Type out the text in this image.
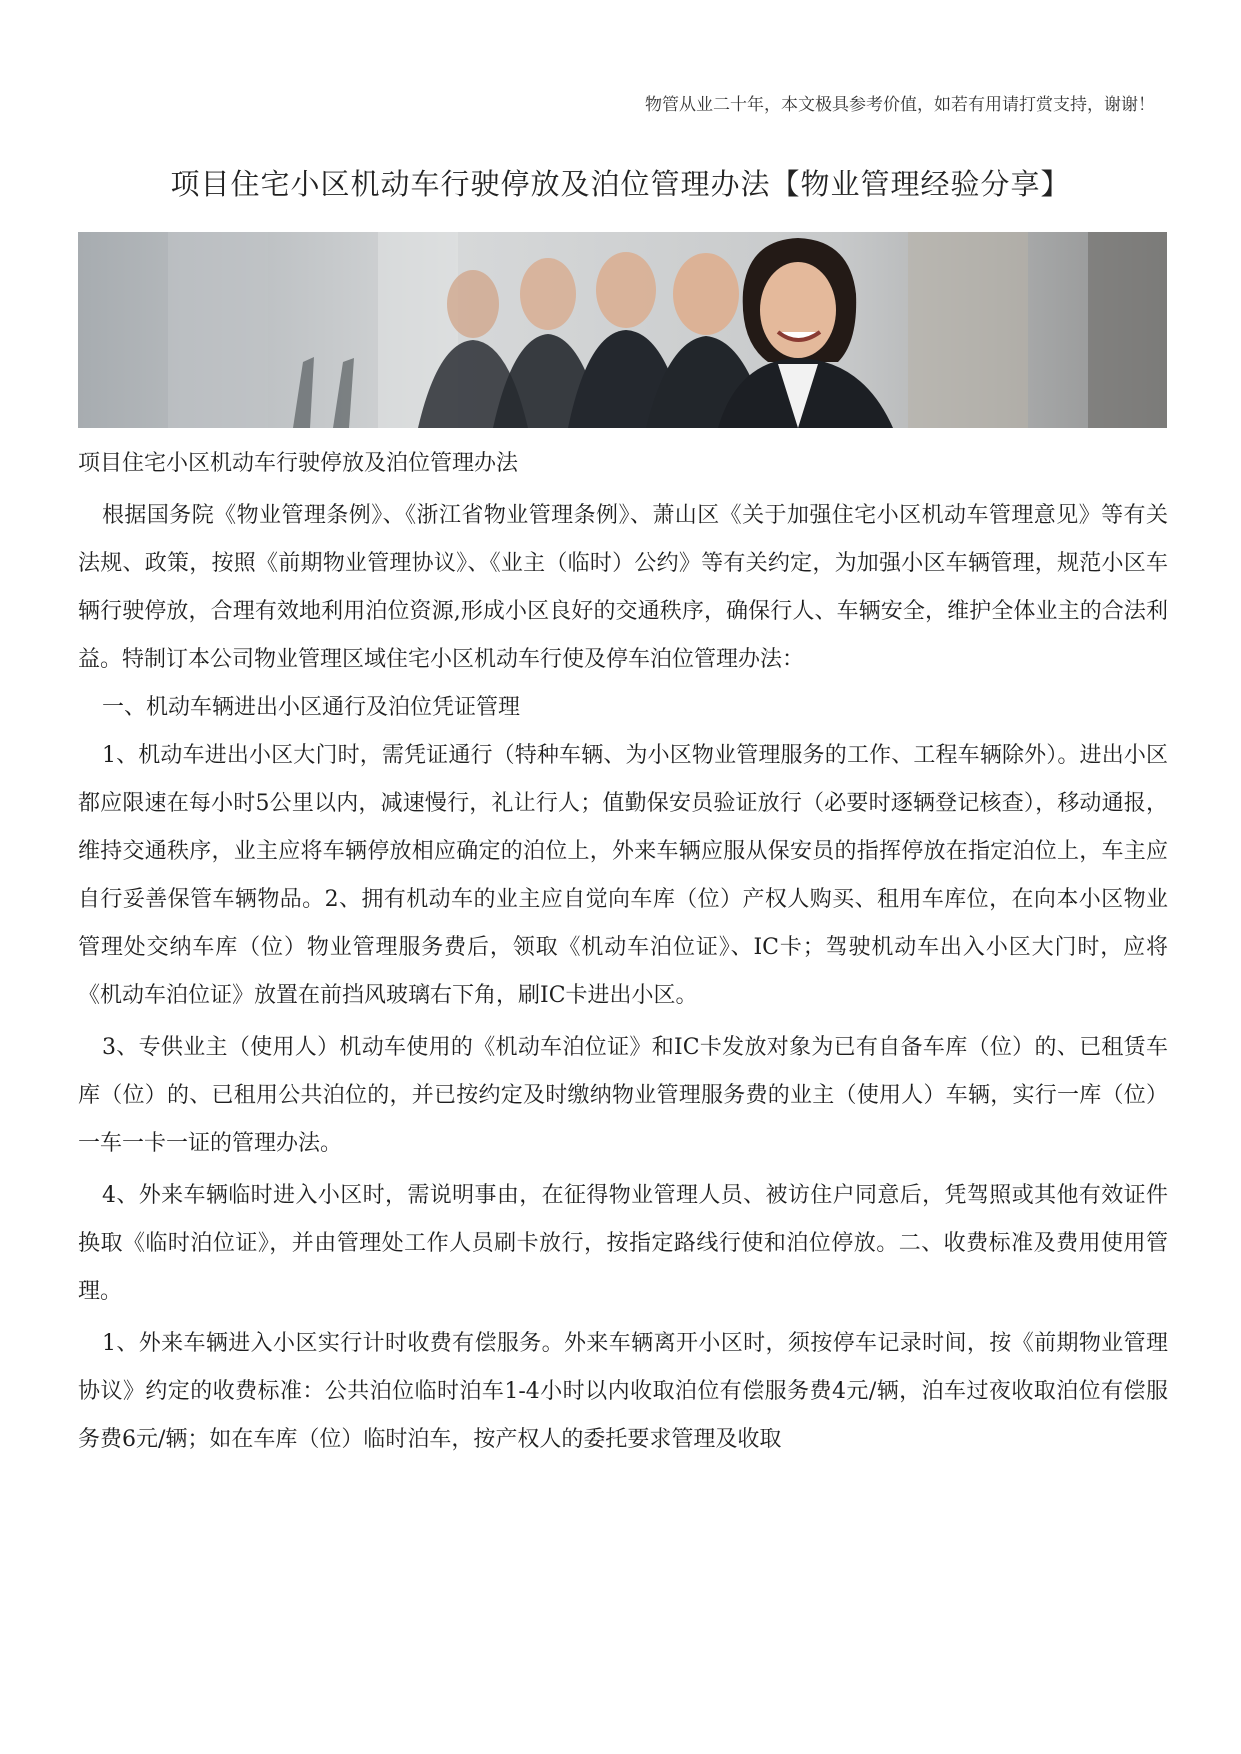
物管从业二十年，本文极具参考价值，如若有用请打赏支持，谢谢！
项目住宅小区机动车行驶停放及泊位管理办法【物业管理经验分享】

项目住宅小区机动车行驶停放及泊位管理办法

根据国务院《物业管理条例》、《浙江省物业管理条例》、萧山区《关于加强住宅小区机动车管理意见》等有关法规、政策，按照《前期物业管理协议》、《业主（临时）公约》等有关约定，为加强小区车辆管理，规范小区车辆行驶停放，合理有效地利用泊位资源,形成小区良好的交通秩序，确保行人、车辆安全，维护全体业主的合法利益。特制订本公司物业管理区域住宅小区机动车行使及停车泊位管理办法：

一、机动车辆进出小区通行及泊位凭证管理

1、机动车进出小区大门时，需凭证通行（特种车辆、为小区物业管理服务的工作、工程车辆除外）。进出小区都应限速在每小时5公里以内，减速慢行，礼让行人；值勤保安员验证放行（必要时逐辆登记核查），移动通报，维持交通秩序，业主应将车辆停放相应确定的泊位上，外来车辆应服从保安员的指挥停放在指定泊位上，车主应自行妥善保管车辆物品。2、拥有机动车的业主应自觉向车库（位）产权人购买、租用车库位，在向本小区物业管理处交纳车库（位）物业管理服务费后，领取《机动车泊位证》、IC卡；驾驶机动车出入小区大门时，应将《机动车泊位证》放置在前挡风玻璃右下角，刷IC卡进出小区。

3、专供业主（使用人）机动车使用的《机动车泊位证》和IC卡发放对象为已有自备车库（位）的、已租赁车库（位）的、已租用公共泊位的，并已按约定及时缴纳物业管理服务费的业主（使用人）车辆，实行一库（位）一车一卡一证的管理办法。

4、外来车辆临时进入小区时，需说明事由，在征得物业管理人员、被访住户同意后，凭驾照或其他有效证件换取《临时泊位证》，并由管理处工作人员刷卡放行，按指定路线行使和泊位停放。二、收费标准及费用使用管理。

1、外来车辆进入小区实行计时收费有偿服务。外来车辆离开小区时，须按停车记录时间，按《前期物业管理协议》约定的收费标准：公共泊位临时泊车1-4小时以内收取泊位有偿服务费4元/辆，泊车过夜收取泊位有偿服务费6元/辆；如在车库（位）临时泊车，按产权人的委托要求管理及收取
